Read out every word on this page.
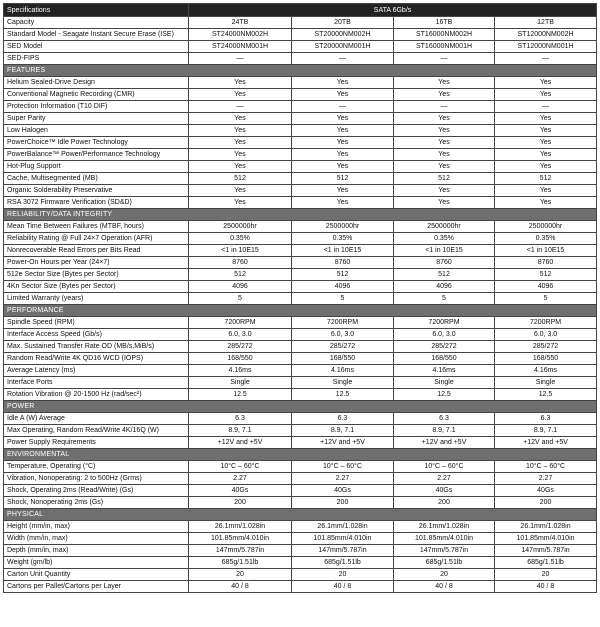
Specifications	SATA 6Gb/s			
Capacity	24TB	20TB	16TB	12TB
Standard Model - Seagate Instant Secure Erase (ISE)	ST24000NM002H	ST20000NM002H	ST16000NM002H	ST12000NM002H
SED Model	ST24000NM001H	ST20000NM001H	ST16000NM001H	ST12000NM001H
SED-FIPS	—	—	—	—
FEATURES				
Helium Sealed-Drive Design	Yes	Yes	Yes	Yes
Conventional Magnetic Recording (CMR)	Yes	Yes	Yes	Yes
Protection Information (T10 DIF)	—	—	—	—
Super Parity	Yes	Yes	Yes	Yes
Low Halogen	Yes	Yes	Yes	Yes
PowerChoice™ Idle Power Technology	Yes	Yes	Yes	Yes
PowerBalance™ Power/Performance Technology	Yes	Yes	Yes	Yes
Hot-Plug Support	Yes	Yes	Yes	Yes
Cache, Multisegmented (MB)	512	512	512	512
Organic Solderability Preservative	Yes	Yes	Yes	Yes
RSA 3072 Firmware Verification (SD&D)	Yes	Yes	Yes	Yes
RELIABILITY/DATA INTEGRITY				
Mean Time Between Failures (MTBF, hours)	2500000hr	2500000hr	2500000hr	2500000hr
Reliability Rating @ Full 24×7 Operation (AFR)	0.35%	0.35%	0.35%	0.35%
Nonrecoverable Read Errors per Bits Read	<1 in 10E15	<1 in 10E15	<1 in 10E15	<1 in 10E15
Power-On Hours per Year (24×7)	8760	8760	8760	8760
512e Sector Size (Bytes per Sector)	512	512	512	512
4Kn Sector Size (Bytes per Sector)	4096	4096	4096	4096
Limited Warranty (years)	5	5	5	5
PERFORMANCE				
Spindle Speed (RPM)	7200RPM	7200RPM	7200RPM	7200RPM
Interface Access Speed (Gb/s)	6.0, 3.0	6.0, 3.0	6.0, 3.0	6.0, 3.0
Max. Sustained Transfer Rate OD (MB/s,MiB/s)	285/272	285/272	285/272	285/272
Random Read/Write 4K QD16 WCD (IOPS)	168/550	168/550	168/550	168/550
Average Latency (ms)	4.16ms	4.16ms	4.16ms	4.16ms
Interface Ports	Single	Single	Single	Single
Rotation Vibration @ 20-1500 Hz (rad/sec²)	12.5	12.5	12.5	12.5
POWER				
Idle A (W) Average	6.3	6.3	6.3	6.3
Max Operating, Random Read/Write 4K/16Q (W)	8.9, 7.1	8.9, 7.1	8.9, 7.1	8.9, 7.1
Power Supply Requirements	+12V and +5V	+12V and +5V	+12V and +5V	+12V and +5V
ENVIRONMENTAL				
Temperature, Operating (°C)	10°C – 60°C	10°C – 60°C	10°C – 60°C	10°C – 60°C
Vibration, Nonoperating: 2 to 500Hz (Grms)	2.27	2.27	2.27	2.27
Shock, Operating 2ms (Read/Write) (Gs)	40Gs	40Gs	40Gs	40Gs
Shock, Nonoperating 2ms (Gs)	200	200	200	200
PHYSICAL				
Height (mm/in, max)	26.1mm/1.028in	26.1mm/1.028in	26.1mm/1.028in	26.1mm/1.028in
Width (mm/in, max)	101.85mm/4.010in	101.85mm/4.010in	101.85mm/4.010in	101.85mm/4.010in
Depth (mm/in, max)	147mm/5.787in	147mm/5.787in	147mm/5.787in	147mm/5.787in
Weight (gm/lb)	685g/1.51lb	685g/1.51lb	685g/1.51lb	685g/1.51lb
Carton Unit Quantity	20	20	20	20
Cartons per Pallet/Cartons per Layer	40 / 8	40 / 8	40 / 8	40 / 8
